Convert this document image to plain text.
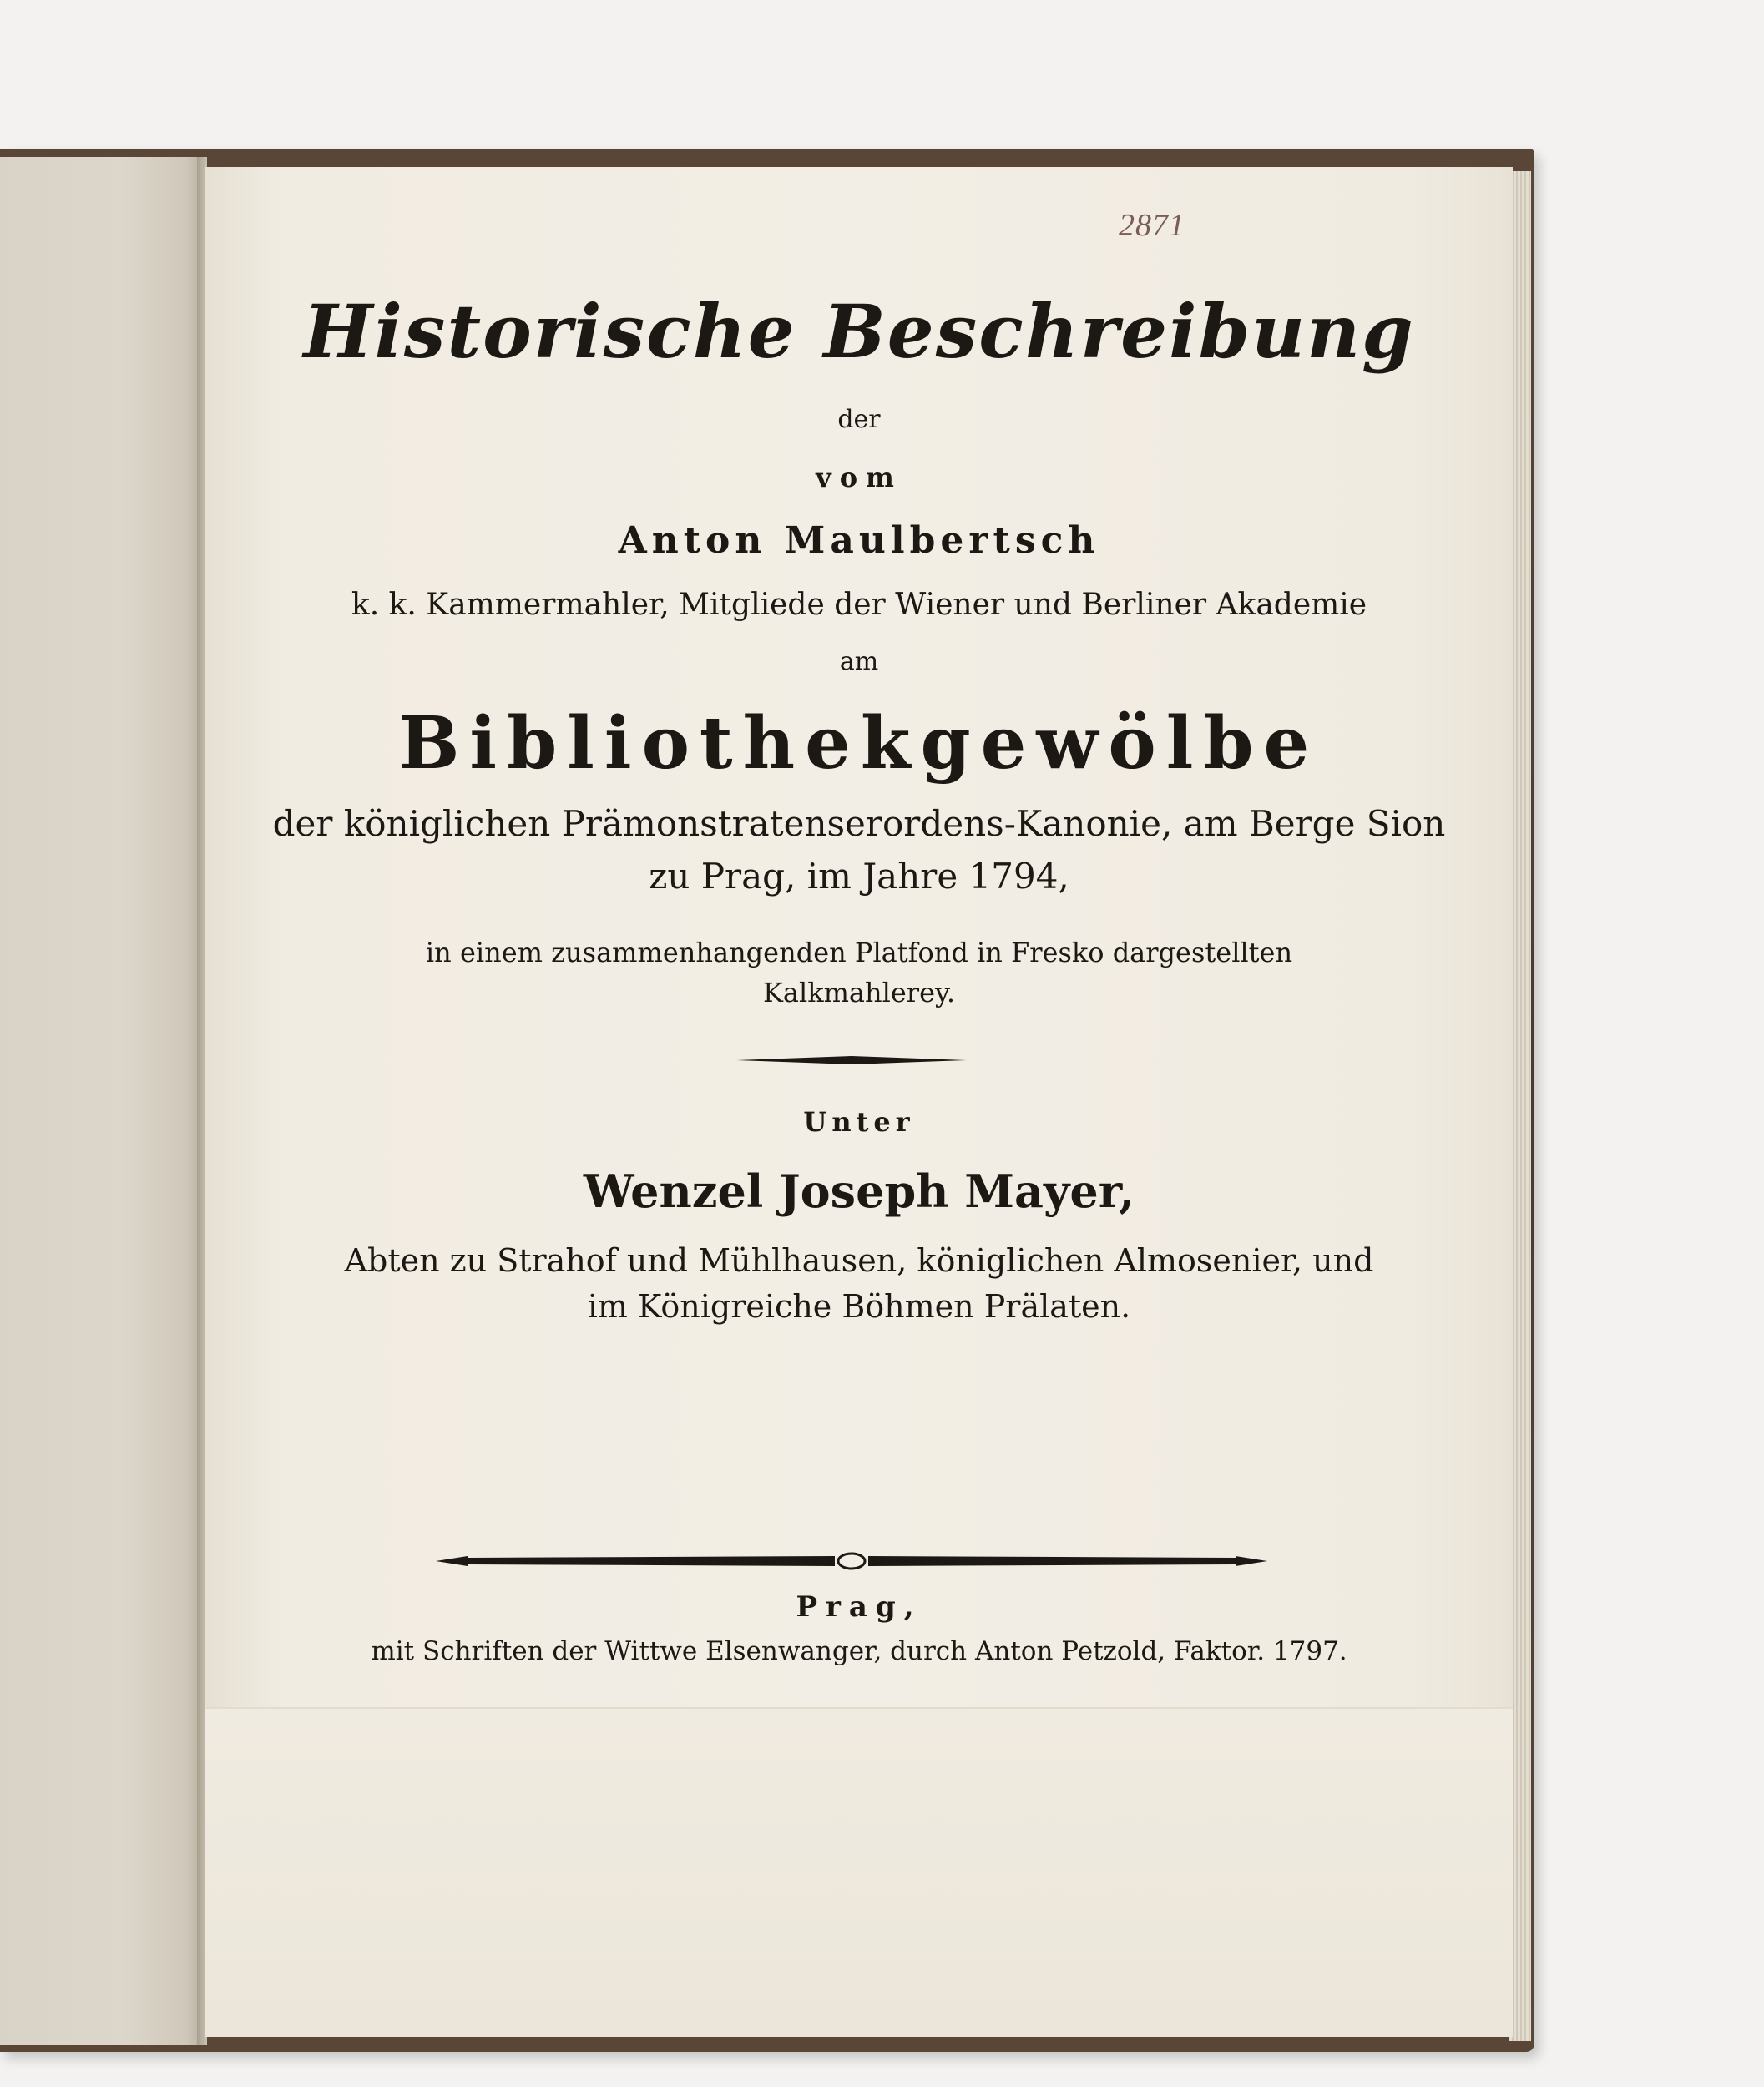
2871
Historische Beschreibung
der
vom
Anton Maulbertsch
k. k. Kammermahler, Mitgliede der Wiener und Berliner Akademie
am
Bibliothekgewölbe
der königlichen Prämonstratenserordens-Kanonie, am Berge Sion
zu Prag, im Jahre 1794,
in einem zusammenhangenden Platfond in Fresko dargestellten
Kalkmahlerey.
Unter
Wenzel Joseph Mayer,
Abten zu Strahof und Mühlhausen, königlichen Almosenier, und
im Königreiche Böhmen Prälaten.
Prag,
mit Schriften der Wittwe Elsenwanger, durch Anton Petzold, Faktor. 1797.
